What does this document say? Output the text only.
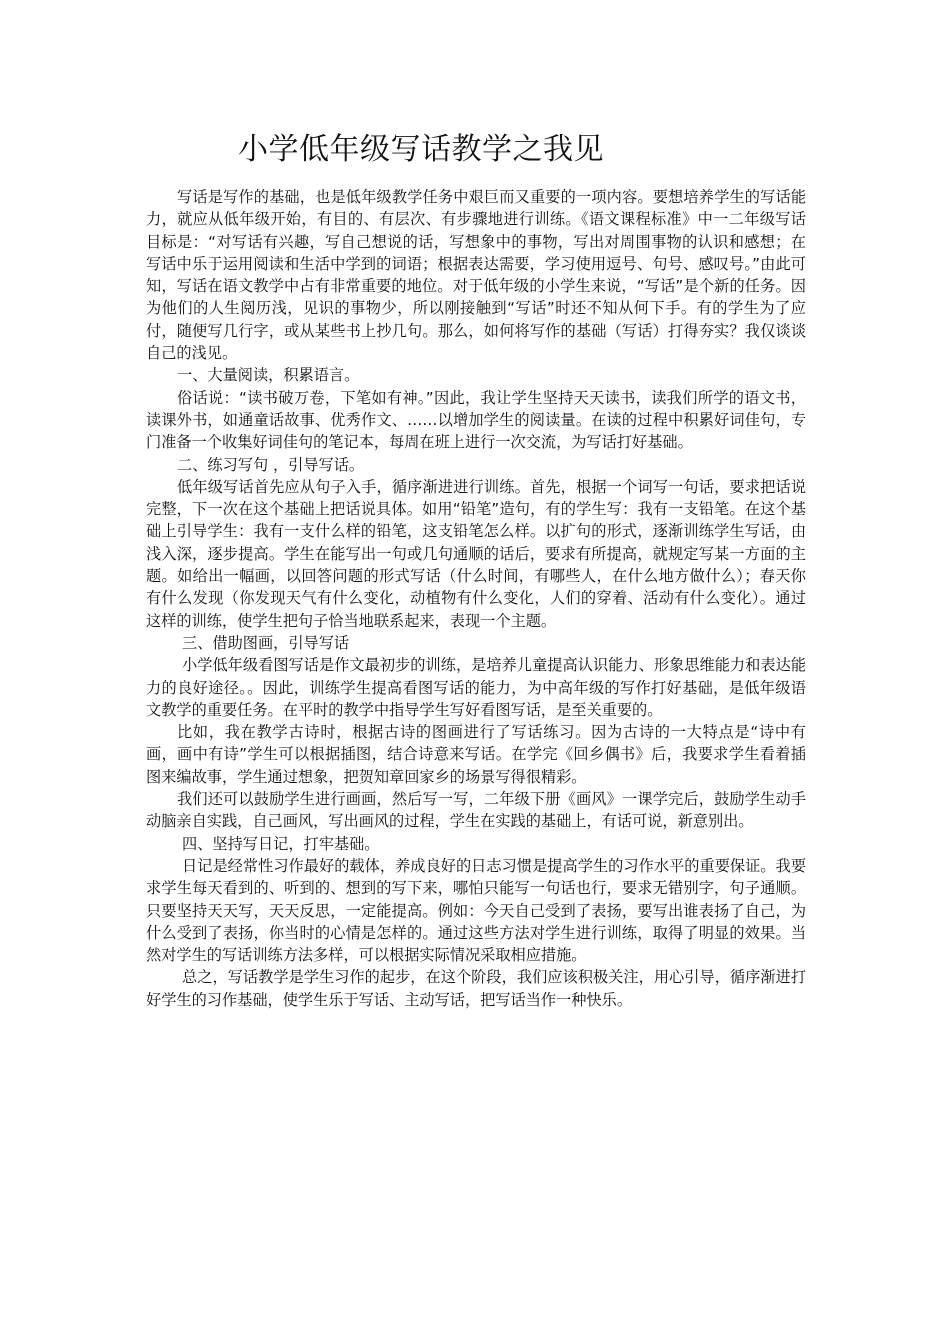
小学低年级写话教学之我见

写话是写作的基础，也是低年级教学任务中艰巨而又重要的一项内容。要想培养学生的写话能力，就应从低年级开始，有目的、有层次、有步骤地进行训练。《语文课程标准》中一二年级写话目标是：“对写话有兴趣，写自己想说的话，写想象中的事物，写出对周围事物的认识和感想；在写话中乐于运用阅读和生活中学到的词语；根据表达需要，学习使用逗号、句号、感叹号。”由此可知，写话在语文教学中占有非常重要的地位。对于低年级的小学生来说，“写话”是个新的任务。因为他们的人生阅历浅，见识的事物少，所以刚接触到“写话”时还不知从何下手。有的学生为了应付，随便写几行字，或从某些书上抄几句。那么，如何将写作的基础（写话）打得夯实？我仅谈谈自己的浅见。

一、大量阅读，积累语言。

俗话说：“读书破万卷，下笔如有神。”因此，我让学生坚持天天读书，读我们所学的语文书，读课外书，如通童话故事、优秀作文、……以增加学生的阅读量。在读的过程中积累好词佳句，专门准备一个收集好词佳句的笔记本，每周在班上进行一次交流，为写话打好基础。

二、练习写句 ，引导写话。

低年级写话首先应从句子入手，循序渐进进行训练。首先，根据一个词写一句话，要求把话说完整，下一次在这个基础上把话说具体。如用“铅笔”造句，有的学生写：我有一支铅笔。在这个基础上引导学生：我有一支什么样的铅笔，这支铅笔怎么样。以扩句的形式，逐渐训练学生写话，由浅入深，逐步提高。学生在能写出一句或几句通顺的话后，要求有所提高，就规定写某一方面的主题。如给出一幅画，以回答问题的形式写话（什么时间，有哪些人，在什么地方做什么）；春天你有什么发现（你发现天气有什么变化，动植物有什么变化，人们的穿着、活动有什么变化）。通过这样的训练，使学生把句子恰当地联系起来，表现一个主题。

三、借助图画，引导写话

小学低年级看图写话是作文最初步的训练，是培养儿童提高认识能力、形象思维能力和表达能力的良好途径。。因此，训练学生提高看图写话的能力，为中高年级的写作打好基础，是低年级语文教学的重要任务。在平时的教学中指导学生写好看图写话，是至关重要的。

比如，我在教学古诗时，根据古诗的图画进行了写话练习。因为古诗的一大特点是“诗中有画，画中有诗”学生可以根据插图，结合诗意来写话。在学完《回乡偶书》后，我要求学生看着插图来编故事，学生通过想象，把贺知章回家乡的场景写得很精彩。

我们还可以鼓励学生进行画画，然后写一写，二年级下册《画风》一课学完后，鼓励学生动手动脑亲自实践，自己画风，写出画风的过程，学生在实践的基础上，有话可说，新意别出。

四、坚持写日记，打牢基础。

日记是经常性习作最好的载体，养成良好的日志习惯是提高学生的习作水平的重要保证。我要求学生每天看到的、听到的、想到的写下来，哪怕只能写一句话也行，要求无错别字，句子通顺。只要坚持天天写，天天反思，一定能提高。例如：今天自己受到了表扬，要写出谁表扬了自己，为什么受到了表扬，你当时的心情是怎样的。通过这些方法对学生进行训练，取得了明显的效果。当然对学生的写话训练方法多样，可以根据实际情况采取相应措施。

总之，写话教学是学生习作的起步，在这个阶段，我们应该积极关注，用心引导，循序渐进打好学生的习作基础，使学生乐于写话、主动写话，把写话当作一种快乐。
